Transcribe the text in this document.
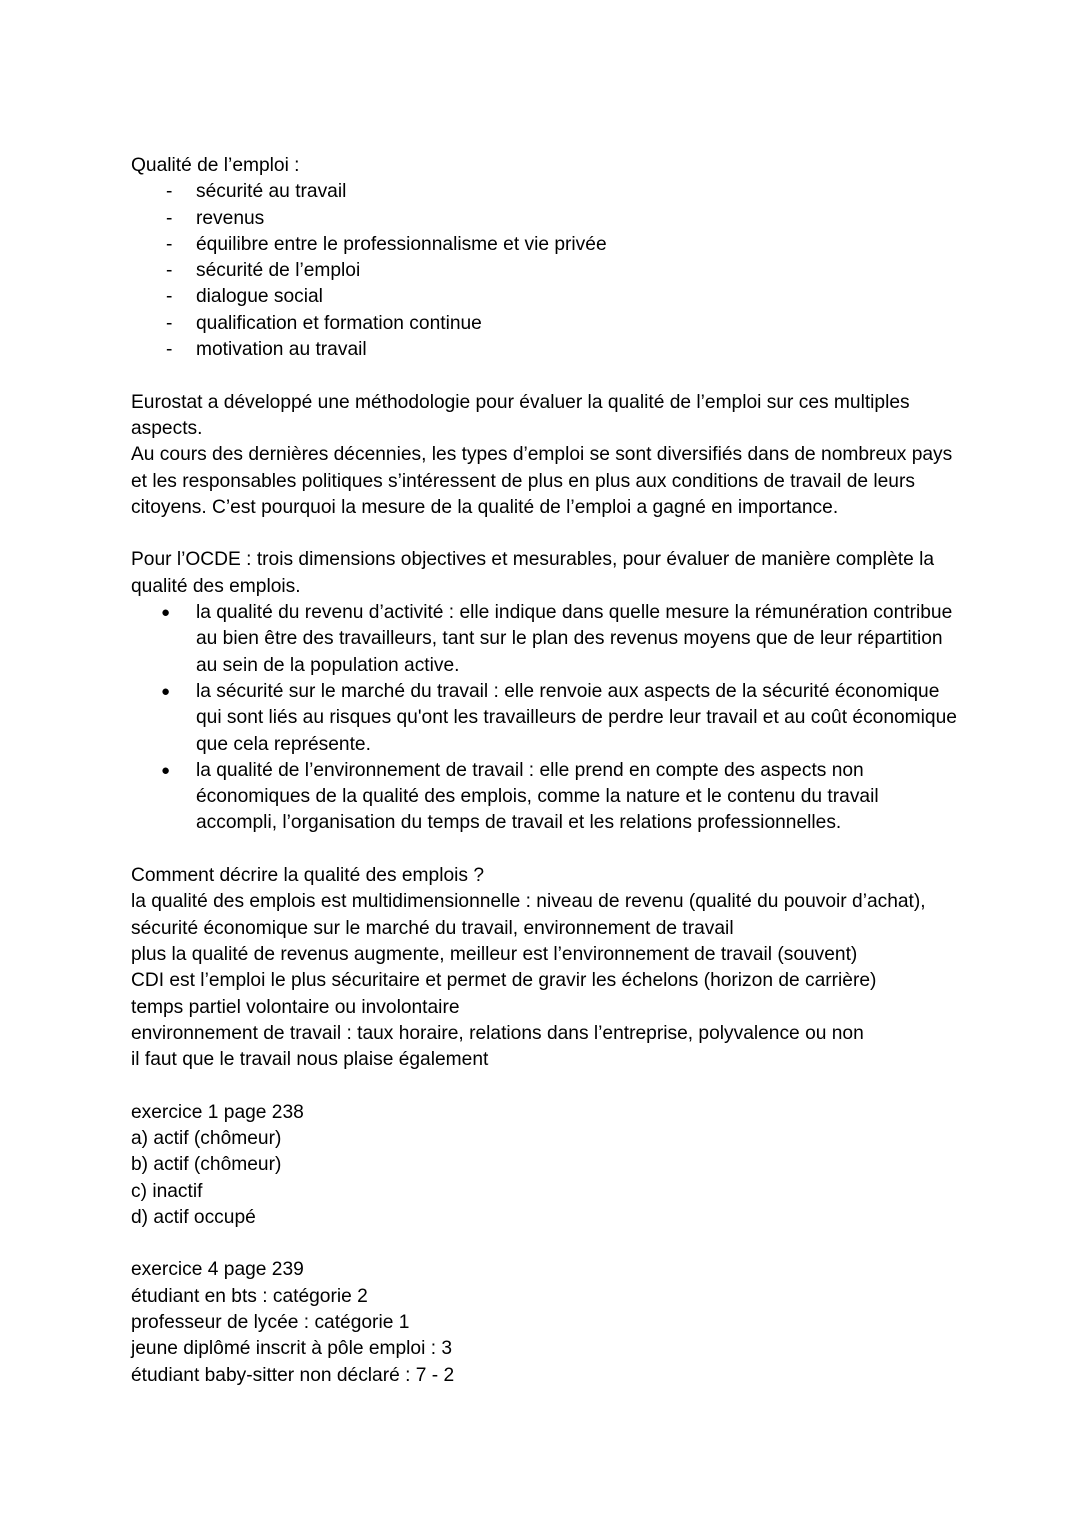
Qualité de l’emploi :

- sécurité au travail
- revenus
- équilibre entre le professionnalisme et vie privée
- sécurité de l’emploi
- dialogue social
- qualification et formation continue
- motivation au travail

Eurostat a développé une méthodologie pour évaluer la qualité de l’emploi sur ces multiples aspects.

Au cours des dernières décennies, les types d’emploi se sont diversifiés dans de nombreux pays et les responsables politiques s’intéressent de plus en plus aux conditions de travail de leurs citoyens. C’est pourquoi la mesure de la qualité de l’emploi a gagné en importance.

Pour l’OCDE : trois dimensions objectives et mesurables, pour évaluer de manière complète la qualité des emplois.

● la qualité du revenu d’activité : elle indique dans quelle mesure la rémunération contribue au bien être des travailleurs, tant sur le plan des revenus moyens que de leur répartition au sein de la population active.
● la sécurité sur le marché du travail : elle renvoie aux aspects de la sécurité économique qui sont liés au risques qu'ont les travailleurs de perdre leur travail et au coût économique que cela représente.
● la qualité de l’environnement de travail : elle prend en compte des aspects non économiques de la qualité des emplois, comme la nature et le contenu du travail accompli, l’organisation du temps de travail et les relations professionnelles.

Comment décrire la qualité des emplois ?

la qualité des emplois est multidimensionnelle : niveau de revenu (qualité du pouvoir d’achat), sécurité économique sur le marché du travail, environnement de travail

plus la qualité de revenus augmente, meilleur est l’environnement de travail (souvent)

CDI est l’emploi le plus sécuritaire et permet de gravir les échelons (horizon de carrière)

temps partiel volontaire ou involontaire

environnement de travail : taux horaire, relations dans l’entreprise, polyvalence ou non

il faut que le travail nous plaise également

exercice 1 page 238

a) actif (chômeur)

b) actif (chômeur)

c) inactif

d) actif occupé

exercice 4 page 239

étudiant en bts : catégorie 2

professeur de lycée : catégorie 1

jeune diplômé inscrit à pôle emploi : 3

étudiant baby-sitter non déclaré : 7 - 2
